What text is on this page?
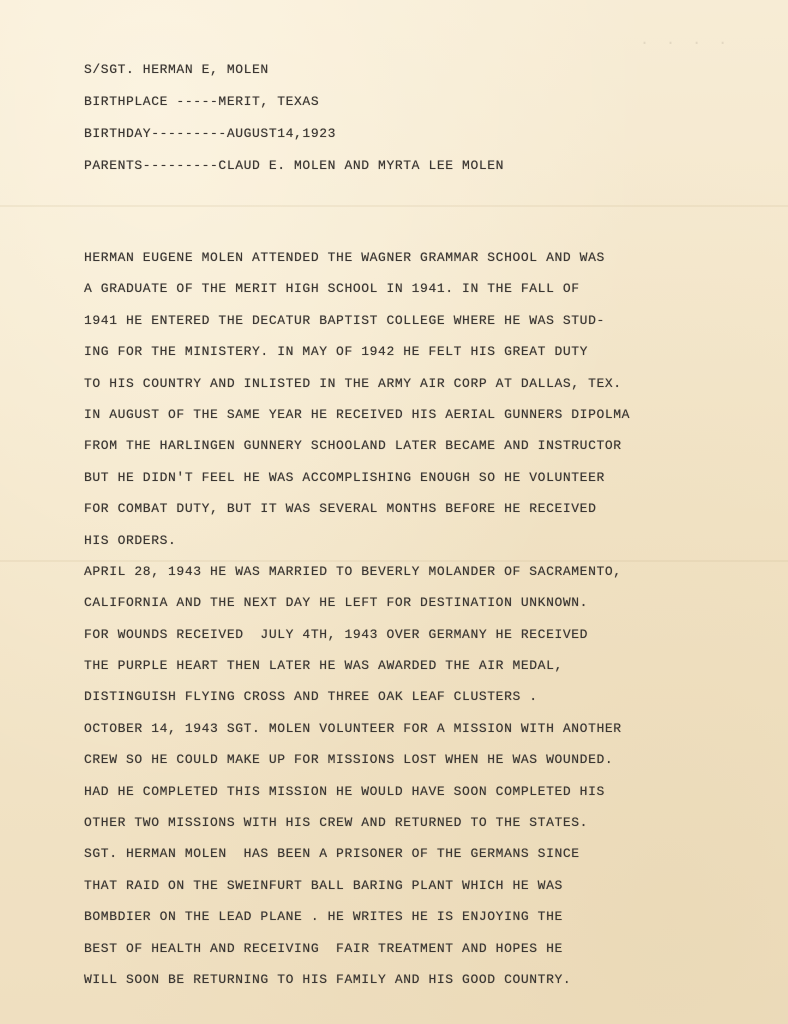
· · · ·
S/SGT. HERMAN E, MOLEN
BIRTHPLACE -----MERIT, TEXAS
BIRTHDAY---------AUGUST14,1923
PARENTS---------CLAUD E. MOLEN AND MYRTA LEE MOLEN
HERMAN EUGENE MOLEN ATTENDED THE WAGNER GRAMMAR SCHOOL AND WAS
A GRADUATE OF THE MERIT HIGH SCHOOL IN 1941. IN THE FALL OF
1941 HE ENTERED THE DECATUR BAPTIST COLLEGE WHERE HE WAS STUD-
ING FOR THE MINISTERY. IN MAY OF 1942 HE FELT HIS GREAT DUTY
TO HIS COUNTRY AND INLISTED IN THE ARMY AIR CORP AT DALLAS, TEX.
IN AUGUST OF THE SAME YEAR HE RECEIVED HIS AERIAL GUNNERS DIPOLMA
FROM THE HARLINGEN GUNNERY SCHOOLAND LATER BECAME AND INSTRUCTOR
BUT HE DIDN'T FEEL HE WAS ACCOMPLISHING ENOUGH SO HE VOLUNTEER
FOR COMBAT DUTY, BUT IT WAS SEVERAL MONTHS BEFORE HE RECEIVED
HIS ORDERS.
APRIL 28, 1943 HE WAS MARRIED TO BEVERLY MOLANDER OF SACRAMENTO,
CALIFORNIA AND THE NEXT DAY HE LEFT FOR DESTINATION UNKNOWN.
FOR WOUNDS RECEIVED  JULY 4TH, 1943 OVER GERMANY HE RECEIVED
THE PURPLE HEART THEN LATER HE WAS AWARDED THE AIR MEDAL,
DISTINGUISH FLYING CROSS AND THREE OAK LEAF CLUSTERS .
OCTOBER 14, 1943 SGT. MOLEN VOLUNTEER FOR A MISSION WITH ANOTHER
CREW SO HE COULD MAKE UP FOR MISSIONS LOST WHEN HE WAS WOUNDED.
HAD HE COMPLETED THIS MISSION HE WOULD HAVE SOON COMPLETED HIS
OTHER TWO MISSIONS WITH HIS CREW AND RETURNED TO THE STATES.
SGT. HERMAN MOLEN  HAS BEEN A PRISONER OF THE GERMANS SINCE
THAT RAID ON THE SWEINFURT BALL BARING PLANT WHICH HE WAS
BOMBDIER ON THE LEAD PLANE . HE WRITES HE IS ENJOYING THE
BEST OF HEALTH AND RECEIVING  FAIR TREATMENT AND HOPES HE
WILL SOON BE RETURNING TO HIS FAMILY AND HIS GOOD COUNTRY.
